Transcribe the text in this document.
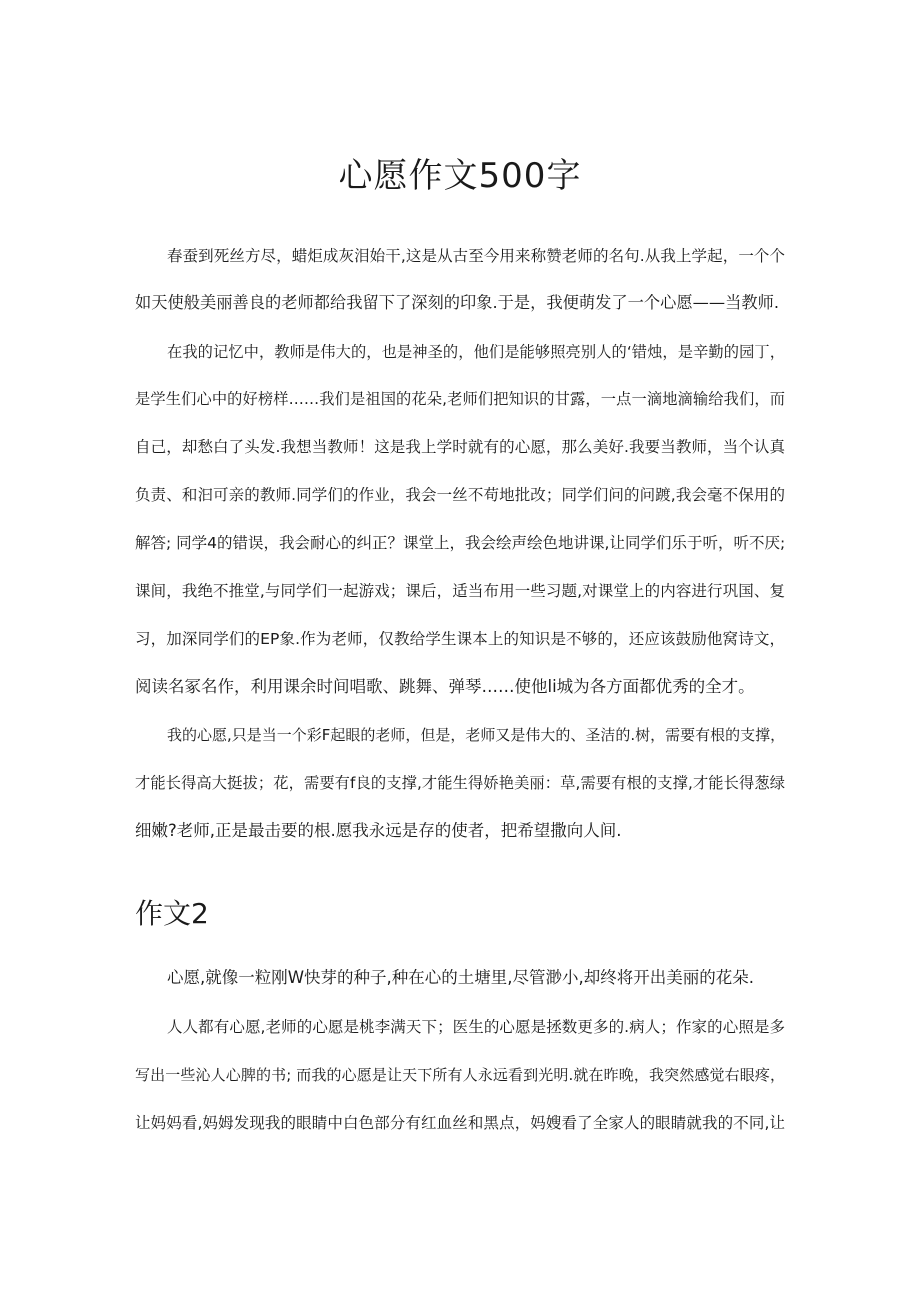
心愿作文500字

春蚕到死丝方尽，蜡炬成灰泪始干,这是从古至今用来称赞老师的名句.从我上学起，一个个

如天使般美丽善良的老师都给我留下了深刻的印象.于是，我便萌发了一个心愿——当教师.

在我的记忆中，教师是伟大的，也是神圣的，他们是能够照亮别人的‘错烛，是辛勤的园丁，

是学生们心中的好榜样……我们是祖国的花朵,老师们把知识的甘露，一点一滴地滴输给我们，而

自己，却愁白了头发.我想当教师！这是我上学时就有的心愿，那么美好.我要当教师，当个认真

负责、和汩可亲的教师.同学们的作业，我会一丝不苟地批改；同学们问的问踱,我会毫不保用的

解答; 同学4的错误，我会耐心的纠正？课堂上，我会绘声绘色地讲课,让同学们乐于听，听不厌;

课间，我绝不推堂,与同学们一起游戏；课后，适当布用一些习题,对课堂上的内容进行巩国、复

习，加深同学们的EP象.作为老师，仅教给学生课本上的知识是不够的，还应该鼓励他窝诗文，

阅读名冢名作，利用课余时间唱歌、跳舞、弹琴……使他li城为各方面都优秀的全才。

我的心愿,只是当一个彩F起眼的老师，但是，老师又是伟大的、圣洁的.树，需要有根的支撑，

才能长得高大挺拔；花，需要有f良的支撑,才能生得娇艳美丽：草,需要有根的支撑,才能长得葱绿

细嫩?老师,正是最击要的根.愿我永远是存的使者，把希望撒向人间.

作文2

心愿,就像一粒刚W快芽的种子,种在心的土塘里,尽管渺小,却终将开出美丽的花朵.

人人都有心愿,老师的心愿是桃李满天下；医生的心愿是拯数更多的.病人；作家的心照是多

写出一些沁人心脾的书; 而我的心愿是让天下所有人永远看到光明.就在昨晚，我突然感觉右眼疼，

让妈妈看,妈姆发现我的眼睛中白色部分有红血丝和黑点，妈嫂看了全家人的眼睛就我的不同,让
